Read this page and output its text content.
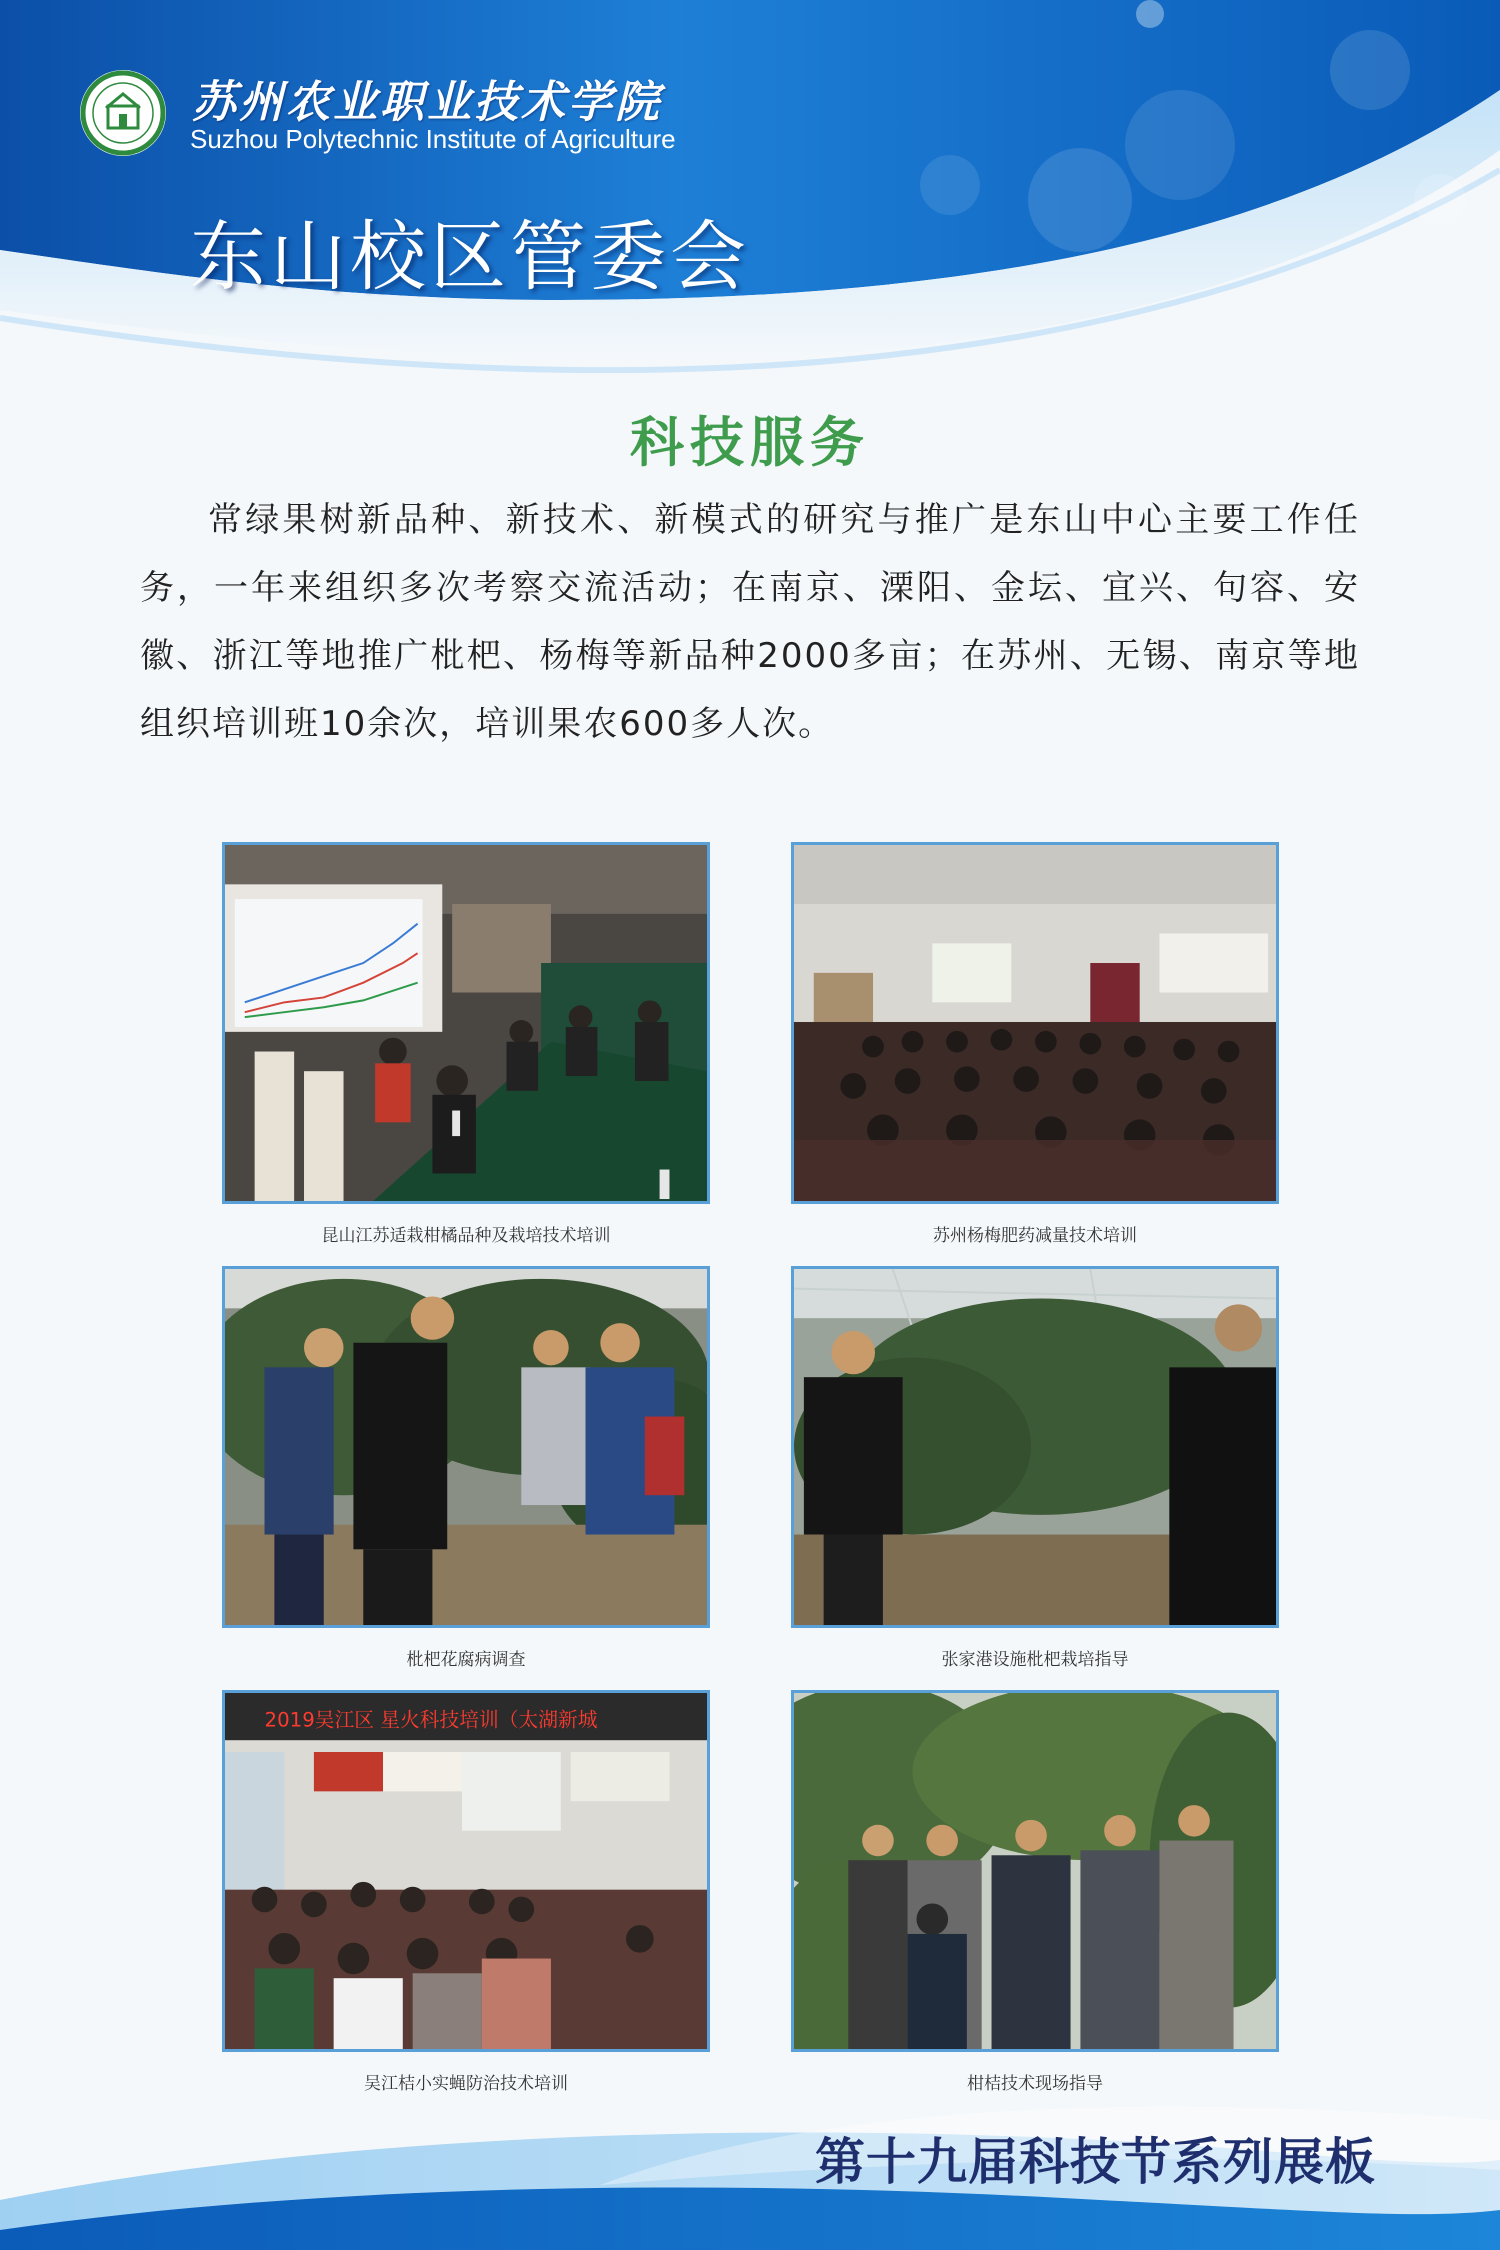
苏州农业职业技术学院
Suzhou Polytechnic Institute of Agriculture
东山校区管委会
科技服务
常绿果树新品种、新技术、新模式的研究与推广是东山中心主要工作任务，一年来组织多次考察交流活动；在南京、溧阳、金坛、宜兴、句容、安徽、浙江等地推广枇杷、杨梅等新品种2000多亩；在苏州、无锡、南京等地组织培训班10余次，培训果农600多人次。
昆山江苏适栽柑橘品种及栽培技术培训	苏州杨梅肥药减量技术培训
枇杷花腐病调查	张家港设施枇杷栽培指导
2019吴江区 星火科技培训（太湖新城
吴江桔小实蝇防治技术培训	柑桔技术现场指导
第十九届科技节系列展板
